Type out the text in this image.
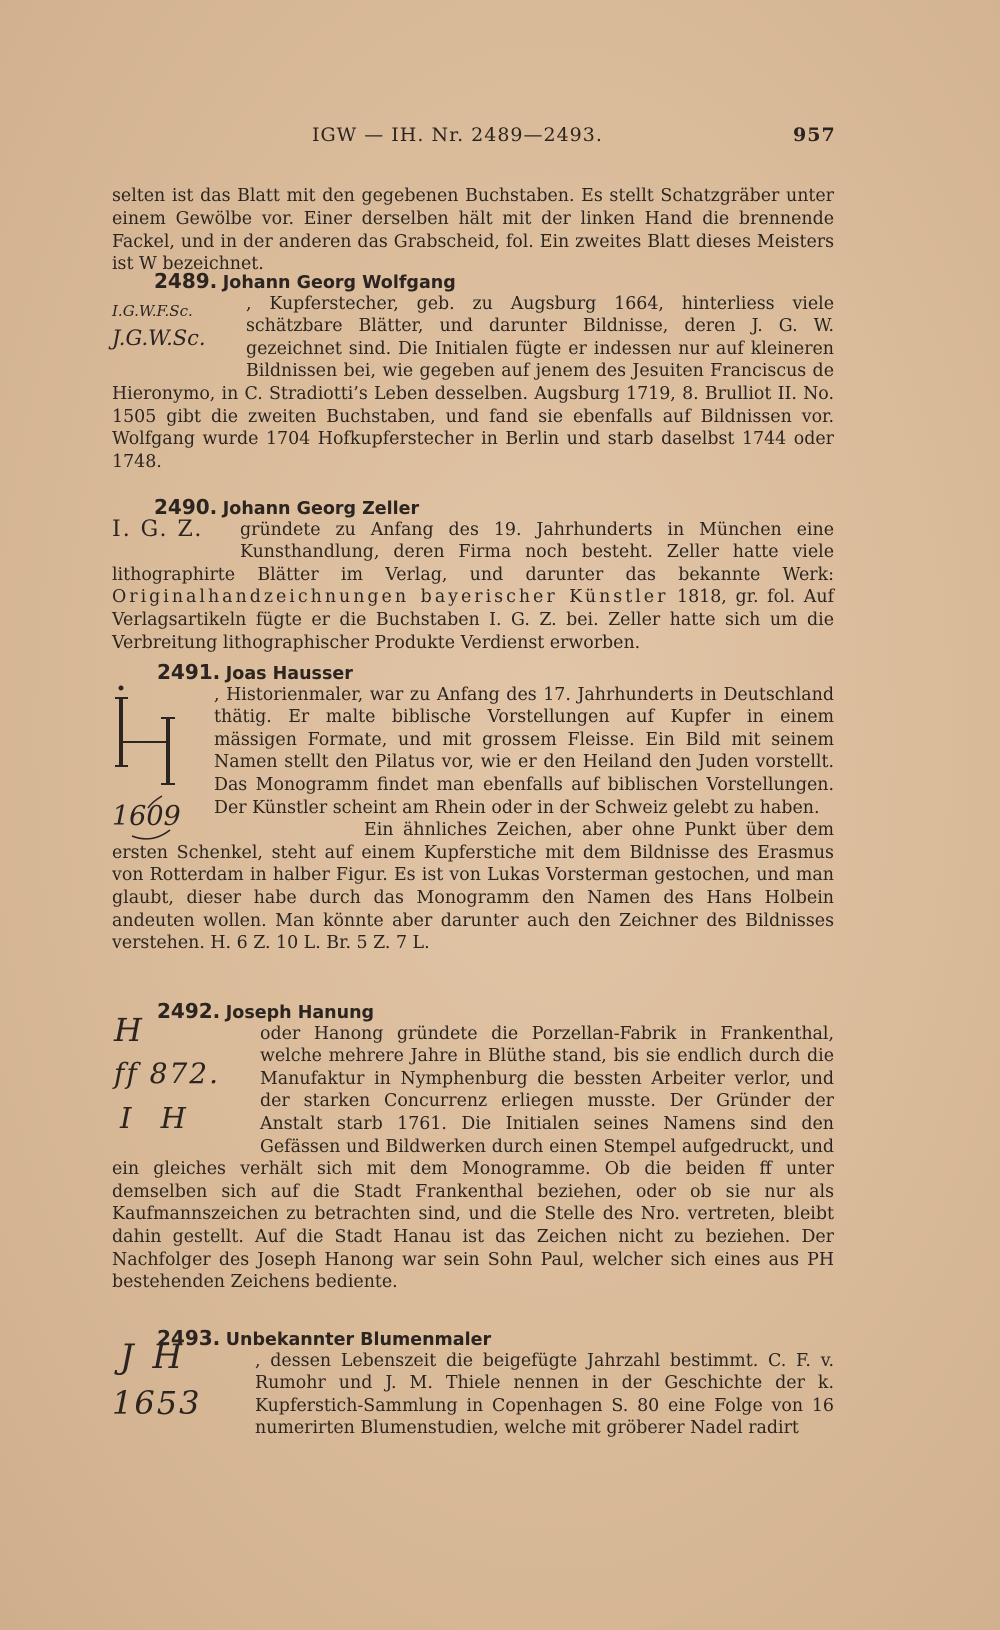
IGW — IH. Nr. 2489—2493.	957

selten ist das Blatt mit den gegebenen Buchstaben. Es stellt Schatzgräber unter einem Gewölbe vor. Einer derselben hält mit der linken Hand die brennende Fackel, und in der anderen das Grabscheid, fol. Ein zweites Blatt dieses Meisters ist W bezeichnet.

I.G.W.F.Sc.
J.G.W.Sc.
2489. Johann Georg Wolfgang
, Kupferstecher, geb. zu Augsburg 1664, hinterliess viele schätzbare Blätter, und darunter Bildnisse, deren J. G. W. gezeichnet sind. Die Initialen fügte er indessen nur auf kleineren Bildnissen bei, wie gegeben auf jenem des Jesuiten Franciscus de Hieronymo, in C. Stradiotti’s Leben desselben. Augsburg 1719, 8. Brulliot II. No. 1505 gibt die zweiten Buchstaben, und fand sie ebenfalls auf Bildnissen vor. Wolfgang wurde 1704 Hofkupferstecher in Berlin und starb daselbst 1744 oder 1748.
2490. Johann Georg Zeller
I. G. Z.	gründete zu Anfang des 19. Jahrhunderts in München eine Kunsthandlung, deren Firma noch besteht. Zeller hatte viele lithographirte Blätter im Verlag, und darunter das bekannte Werk: Originalhandzeichnungen bayerischer Künstler 1818, gr. fol. Auf Verlagsartikeln fügte er die Buchstaben I. G. Z. bei. Zeller hatte sich um die Verbreitung lithographischer Produkte Verdienst erworben.
2491. Joas Hausser
1609
, Historienmaler, war zu Anfang des 17. Jahrhunderts in Deutschland thätig. Er malte biblische Vorstellungen auf Kupfer in einem mässigen Formate, und mit grossem Fleisse. Ein Bild mit seinem Namen stellt den Pilatus vor, wie er den Heiland den Juden vorstellt. Das Monogramm findet man ebenfalls auf biblischen Vorstellungen. Der Künstler scheint am Rhein oder in der Schweiz gelebt zu haben.
Ein ähnliches Zeichen, aber ohne Punkt über dem ersten Schenkel, steht auf einem Kupferstiche mit dem Bildnisse des Erasmus von Rotterdam in halber Figur. Es ist von Lukas Vorsterman gestochen, und man glaubt, dieser habe durch das Monogramm den Namen des Hans Holbein andeuten wollen. Man könnte aber darunter auch den Zeichner des Bildnisses verstehen. H. 6 Z. 10 L. Br. 5 Z. 7 L.
2492. Joseph Hanung
H
ff 872.
I H
oder Hanong gründete die Porzellan-Fabrik in Frankenthal, welche mehrere Jahre in Blüthe stand, bis sie endlich durch die Manufaktur in Nymphenburg die bessten Arbeiter verlor, und der starken Concurrenz erliegen musste. Der Gründer der Anstalt starb 1761. Die Initialen seines Namens sind den Gefässen und Bildwerken durch einen Stempel aufgedruckt, und ein gleiches verhält sich mit dem Monogramme. Ob die beiden ff unter demselben sich auf die Stadt Frankenthal beziehen, oder ob sie nur als Kaufmannszeichen zu betrachten sind, und die Stelle des Nro. vertreten, bleibt dahin gestellt. Auf die Stadt Hanau ist das Zeichen nicht zu beziehen. Der Nachfolger des Joseph Hanong war sein Sohn Paul, welcher sich eines aus PH bestehenden Zeichens bediente.
2493. Unbekannter Blumenmaler
J H
1653
, dessen Lebenszeit die beigefügte Jahrzahl bestimmt. C. F. v. Rumohr und J. M. Thiele nennen in der Geschichte der k. Kupferstich-Sammlung in Copenhagen S. 80 eine Folge von 16 numerirten Blumenstudien, welche mit gröberer Nadel radirt
